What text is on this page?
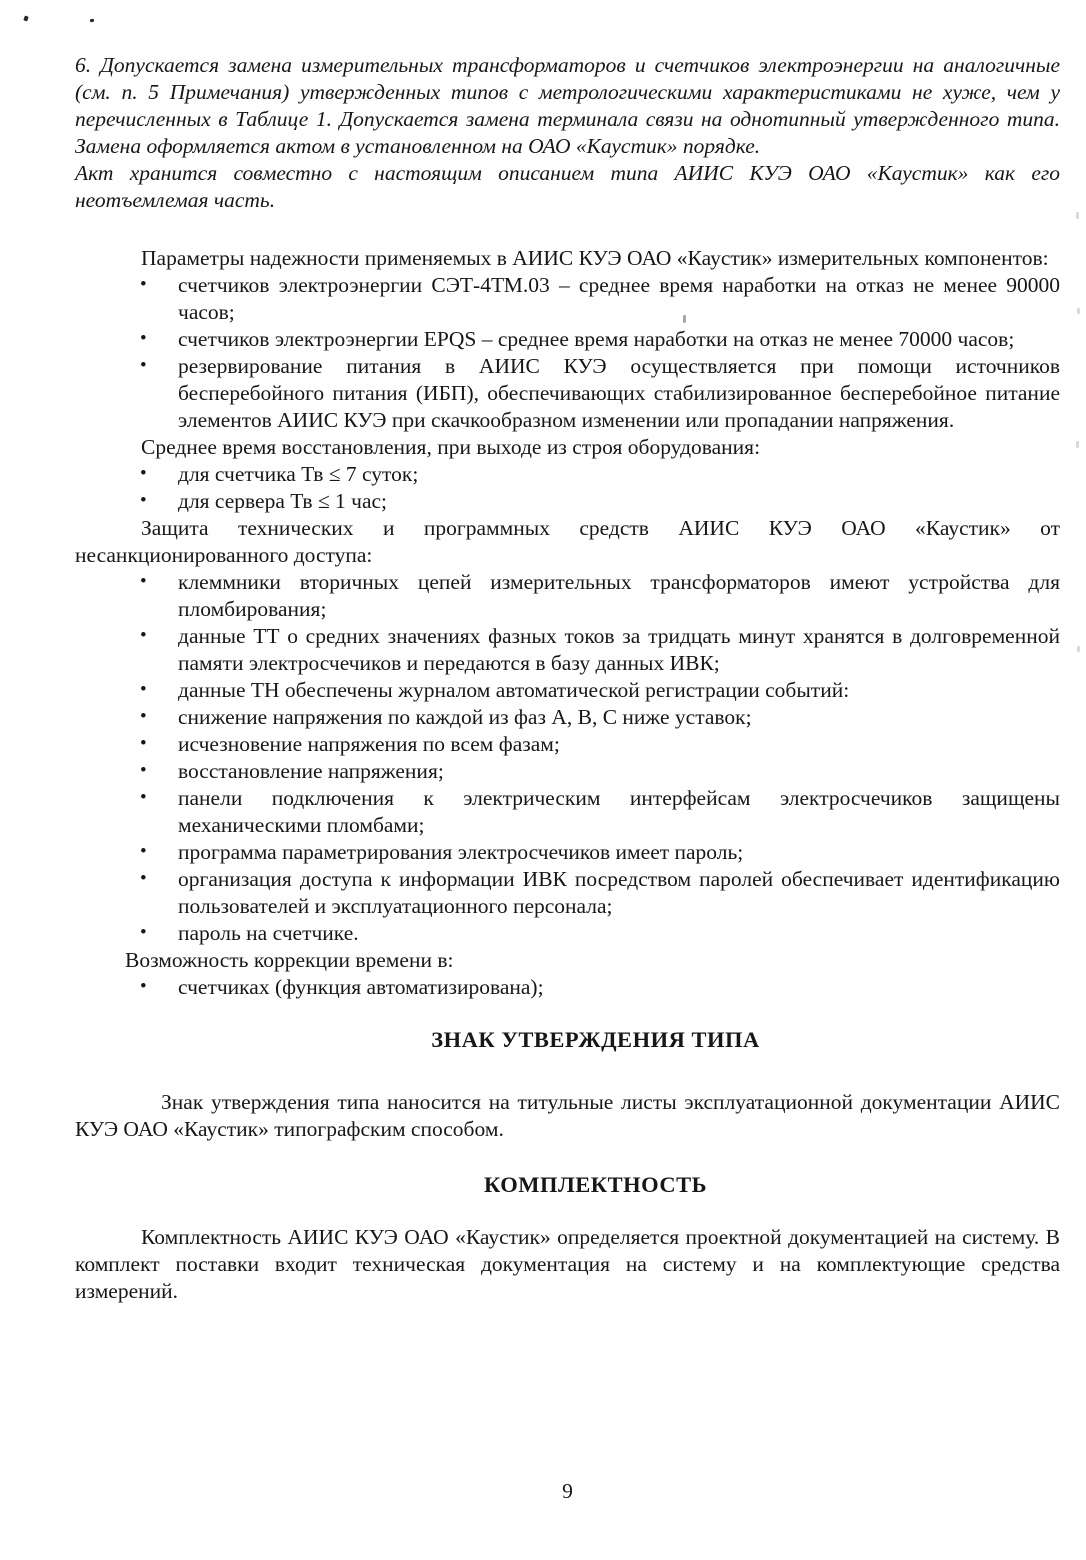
6. Допускается замена измерительных трансформаторов и счетчиков электроэнергии на аналогичные (см. п. 5 Примечания) утвержденных типов с метрологическими характеристиками не хуже, чем у перечисленных в Таблице 1. Допускается замена терминала связи на однотипный утвержденного типа. Замена оформляется актом в установленном на ОАО «Каустик» порядке.

Акт хранится совместно с настоящим описанием типа АИИС КУЭ ОАО «Каустик» как его неотъемлемая часть.

Параметры надежности применяемых в АИИС КУЭ ОАО «Каустик» измерительных компонентов:

• счетчиков электроэнергии СЭТ-4ТМ.03 – среднее время наработки на отказ не менее 90000 часов;
• счетчиков электроэнергии EPQS – среднее время наработки на отказ не менее 70000 часов;
• резервирование питания в АИИС КУЭ осуществляется при помощи источников бесперебойного питания (ИБП), обеспечивающих стабилизированное бесперебойное питание элементов АИИС КУЭ при скачкообразном изменении или пропадании напряжения.

Среднее время восстановления, при выходе из строя оборудования:

• для счетчика Тв ≤ 7 суток;
• для сервера Тв ≤ 1 час;

Защита технических и программных средств АИИС КУЭ ОАО «Каустик» от несанкционированного доступа:

• клеммники вторичных цепей измерительных трансформаторов имеют устройства для пломбирования;
• данные ТТ о средних значениях фазных токов за тридцать минут хранятся в долговременной памяти электросчечиков и передаются в базу данных ИВК;
• данные ТН обеспечены журналом автоматической регистрации событий:
• снижение напряжения по каждой из фаз А, В, С ниже уставок;
• исчезновение напряжения по всем фазам;
• восстановление напряжения;
• панели подключения к электрическим интерфейсам электросчечиков защищены механическими пломбами;
• программа параметрирования электросчечиков имеет пароль;
• организация доступа к информации ИВК посредством паролей обеспечивает идентификацию пользователей и эксплуатационного персонала;
• пароль на счетчике.

Возможность коррекции времени в:

• счетчиках (функция автоматизирована);
ЗНАК УТВЕРЖДЕНИЯ ТИПА

Знак утверждения типа наносится на титульные листы эксплуатационной документации АИИС КУЭ ОАО «Каустик» типографским способом.

КОМПЛЕКТНОСТЬ

Комплектность АИИС КУЭ ОАО «Каустик» определяется проектной документацией на систему. В комплект поставки входит техническая документация на систему и на комплектующие средства измерений.

9
